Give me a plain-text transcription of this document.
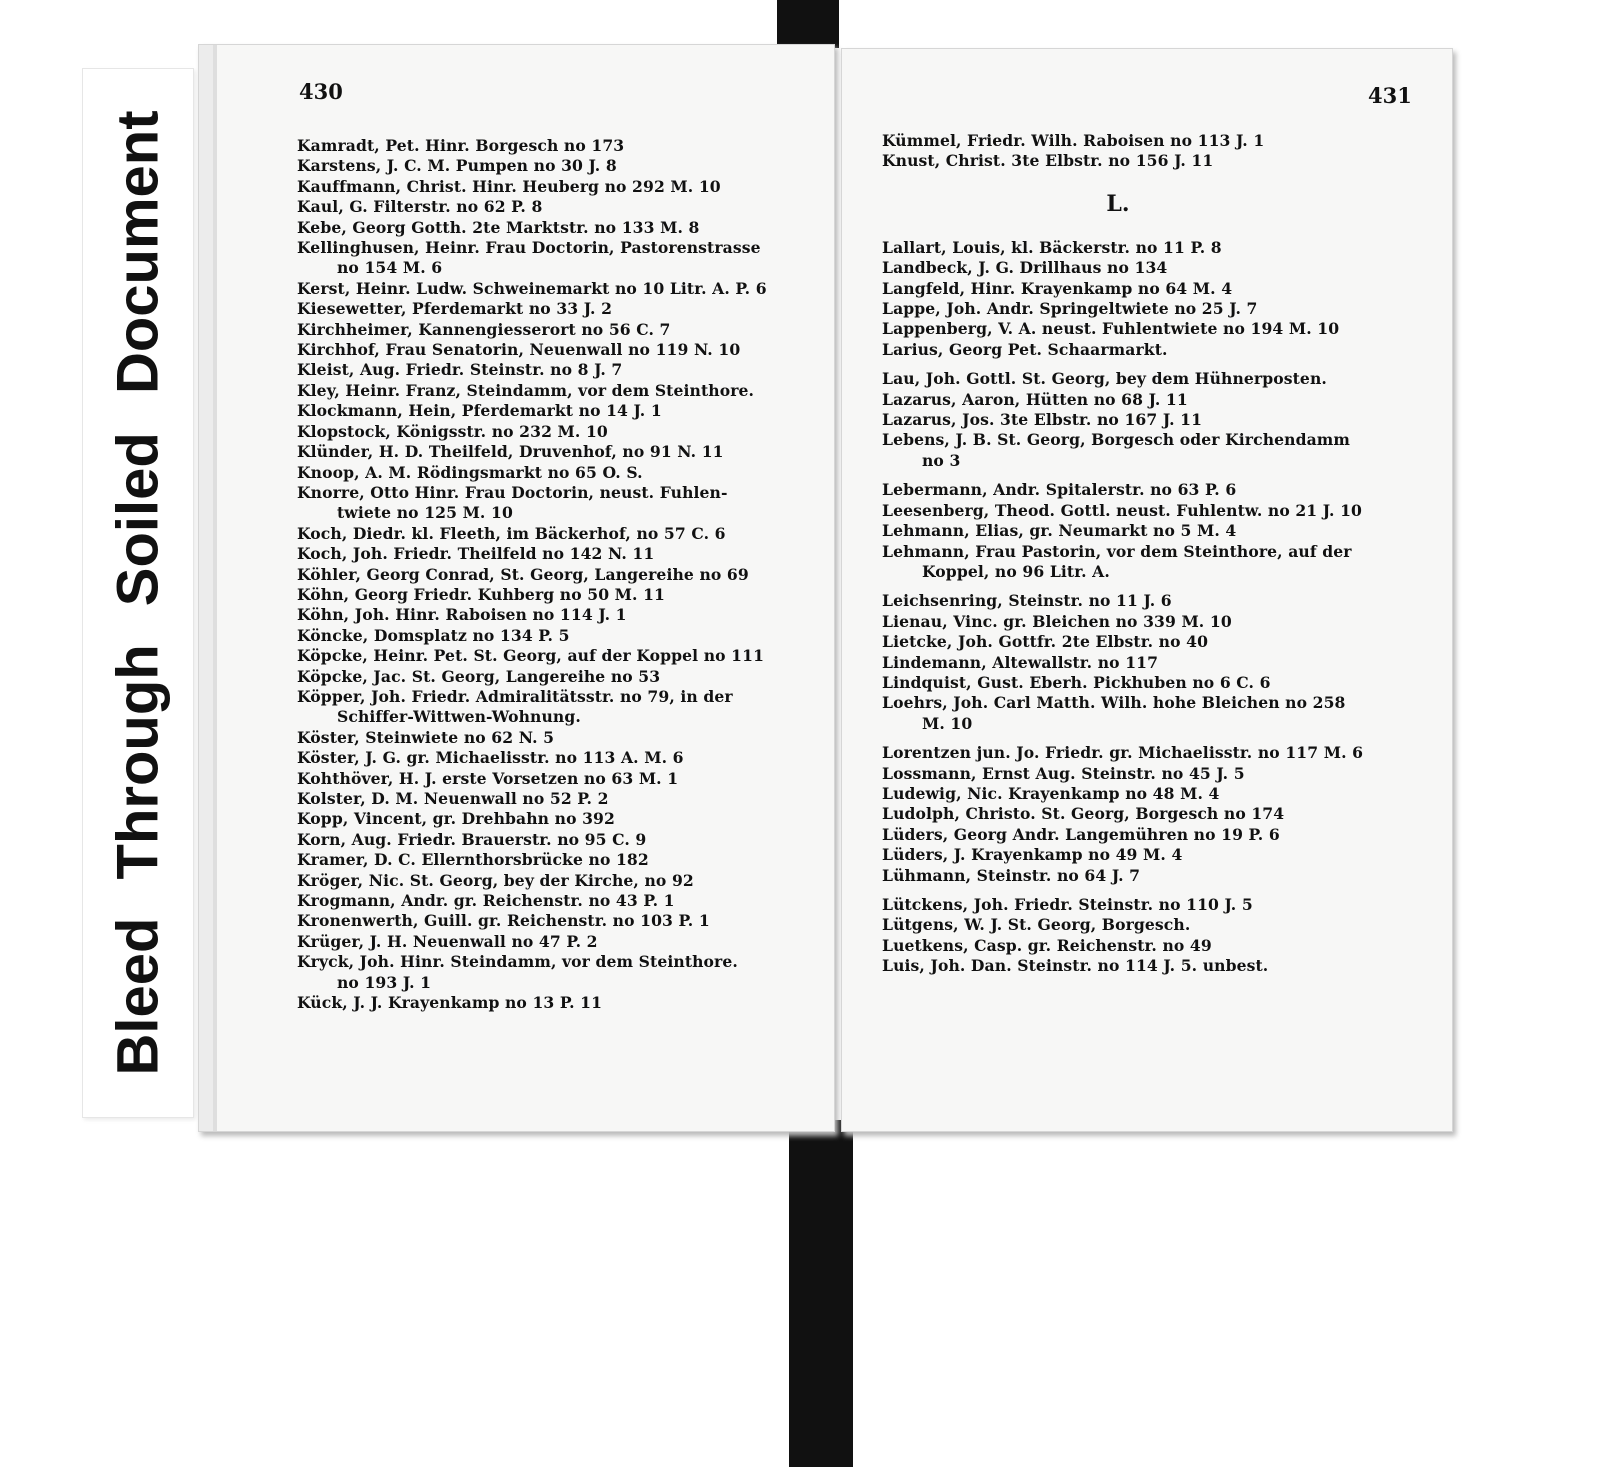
Bleed Through Soiled Document
430
Kamradt, Pet. Hinr. Borgesch no 173
Karstens, J. C. M. Pumpen no 30 J. 8
Kauffmann, Christ. Hinr. Heuberg no 292 M. 10
Kaul, G. Filterstr. no 62 P. 8
Kebe, Georg Gotth. 2te Marktstr. no 133 M. 8
Kellinghusen, Heinr. Frau Doctorin, Pastorenstrasse
no 154 M. 6
Kerst, Heinr. Ludw. Schweinemarkt no 10 Litr. A. P. 6
Kiesewetter, Pferdemarkt no 33 J. 2
Kirchheimer, Kannengiesserort no 56 C. 7
Kirchhof, Frau Senatorin, Neuenwall no 119 N. 10
Kleist, Aug. Friedr. Steinstr. no 8 J. 7
Kley, Heinr. Franz, Steindamm, vor dem Steinthore.
Klockmann, Hein, Pferdemarkt no 14 J. 1
Klopstock, Königsstr. no 232 M. 10
Klünder, H. D. Theilfeld, Druvenhof, no 91 N. 11
Knoop, A. M. Rödingsmarkt no 65 O. S.
Knorre, Otto Hinr. Frau Doctorin, neust. Fuhlen-
twiete no 125 M. 10
Koch, Diedr. kl. Fleeth, im Bäckerhof, no 57 C. 6
Koch, Joh. Friedr. Theilfeld no 142 N. 11
Köhler, Georg Conrad, St. Georg, Langereihe no 69
Köhn, Georg Friedr. Kuhberg no 50 M. 11
Köhn, Joh. Hinr. Raboisen no 114 J. 1
Köncke, Domsplatz no 134 P. 5
Köpcke, Heinr. Pet. St. Georg, auf der Koppel no 111
Köpcke, Jac. St. Georg, Langereihe no 53
Köpper, Joh. Friedr. Admiralitätsstr. no 79, in der
Schiffer-Wittwen-Wohnung.
Köster, Steinwiete no 62 N. 5
Köster, J. G. gr. Michaelisstr. no 113 A. M. 6
Kohthöver, H. J. erste Vorsetzen no 63 M. 1
Kolster, D. M. Neuenwall no 52 P. 2
Kopp, Vincent, gr. Drehbahn no 392
Korn, Aug. Friedr. Brauerstr. no 95 C. 9
Kramer, D. C. Ellernthorsbrücke no 182
Kröger, Nic. St. Georg, bey der Kirche, no 92
Krogmann, Andr. gr. Reichenstr. no 43 P. 1
Kronenwerth, Guill. gr. Reichenstr. no 103 P. 1
Krüger, J. H. Neuenwall no 47 P. 2
Kryck, Joh. Hinr. Steindamm, vor dem Steinthore.
no 193 J. 1
Kück, J. J. Krayenkamp no 13 P. 11
431
Kümmel, Friedr. Wilh. Raboisen no 113 J. 1
Knust, Christ. 3te Elbstr. no 156 J. 11
L.
Lallart, Louis, kl. Bäckerstr. no 11 P. 8
Landbeck, J. G. Drillhaus no 134
Langfeld, Hinr. Krayenkamp no 64 M. 4
Lappe, Joh. Andr. Springeltwiete no 25 J. 7
Lappenberg, V. A. neust. Fuhlentwiete no 194 M. 10
Larius, Georg Pet. Schaarmarkt.
Lau, Joh. Gottl. St. Georg, bey dem Hühnerposten.
Lazarus, Aaron, Hütten no 68 J. 11
Lazarus, Jos. 3te Elbstr. no 167 J. 11
Lebens, J. B. St. Georg, Borgesch oder Kirchendamm
no 3
Lebermann, Andr. Spitalerstr. no 63 P. 6
Leesenberg, Theod. Gottl. neust. Fuhlentw. no 21 J. 10
Lehmann, Elias, gr. Neumarkt no 5 M. 4
Lehmann, Frau Pastorin, vor dem Steinthore, auf der
Koppel, no 96 Litr. A.
Leichsenring, Steinstr. no 11 J. 6
Lienau, Vinc. gr. Bleichen no 339 M. 10
Lietcke, Joh. Gottfr. 2te Elbstr. no 40
Lindemann, Altewallstr. no 117
Lindquist, Gust. Eberh. Pickhuben no 6 C. 6
Loehrs, Joh. Carl Matth. Wilh. hohe Bleichen no 258
M. 10
Lorentzen jun. Jo. Friedr. gr. Michaelisstr. no 117 M. 6
Lossmann, Ernst Aug. Steinstr. no 45 J. 5
Ludewig, Nic. Krayenkamp no 48 M. 4
Ludolph, Christo. St. Georg, Borgesch no 174
Lüders, Georg Andr. Langemühren no 19 P. 6
Lüders, J. Krayenkamp no 49 M. 4
Lühmann, Steinstr. no 64 J. 7
Lütckens, Joh. Friedr. Steinstr. no 110 J. 5
Lütgens, W. J. St. Georg, Borgesch.
Luetkens, Casp. gr. Reichenstr. no 49
Luis, Joh. Dan. Steinstr. no 114 J. 5. unbest.
